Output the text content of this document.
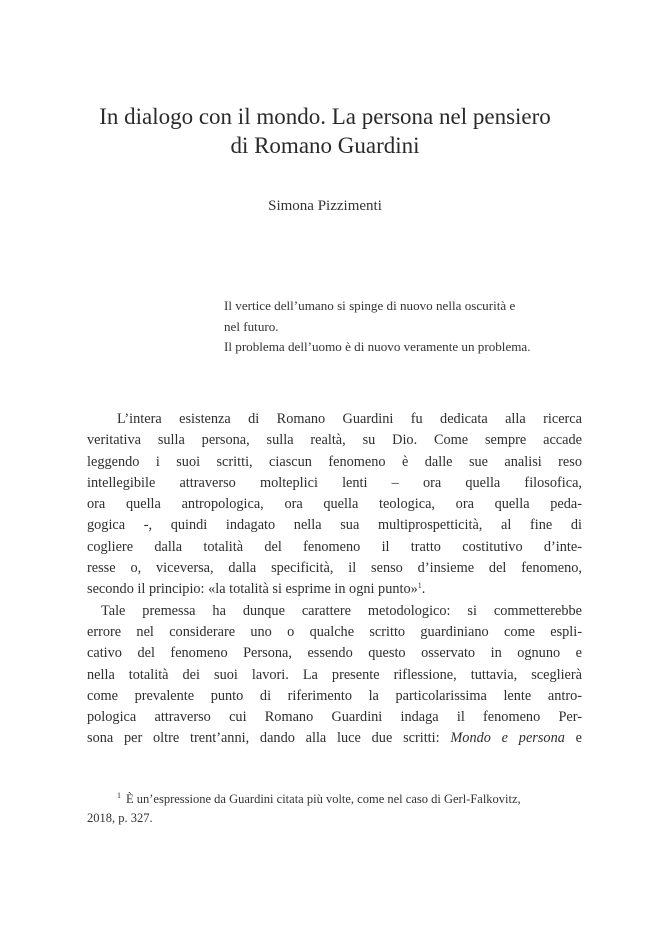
In dialogo con il mondo. La persona nel pensiero
di Romano Guardini

Simona Pizzimenti

Il vertice dell’umano si spinge di nuovo nella oscurità e
nel futuro.
Il problema dell’uomo è di nuovo veramente un problema.
L’intera esistenza di Romano Guardini fu dedicata alla ricerca
veritativa sulla persona, sulla realtà, su Dio. Come sempre accade
leggendo i suoi scritti, ciascun fenomeno è dalle sue analisi reso
intellegibile attraverso molteplici lenti – ora quella filosofica,
ora quella antropologica, ora quella teologica, ora quella peda-
gogica -, quindi indagato nella sua multiprospetticità, al fine di
cogliere dalla totalità del fenomeno il tratto costitutivo d’inte-
resse o, viceversa, dalla specificità, il senso d’insieme del fenomeno,
secondo il principio: «la totalità si esprime in ogni punto»$^1$.
Tale premessa ha dunque carattere metodologico: si commetterebbe
errore nel considerare uno o qualche scritto guardiniano come espli-
cativo del fenomeno Persona, essendo questo osservato in ognuno e
nella totalità dei suoi lavori. La presente riflessione, tuttavia, sceglierà
come prevalente punto di riferimento la particolarissima lente antro-
pologica attraverso cui Romano Guardini indaga il fenomeno Per-
sona per oltre trent’anni, dando alla luce due scritti: Mondo e persona e
$^1$ È un’espressione da Guardini citata più volte, come nel caso di Gerl-Falkovitz,
2018, p. 327.
